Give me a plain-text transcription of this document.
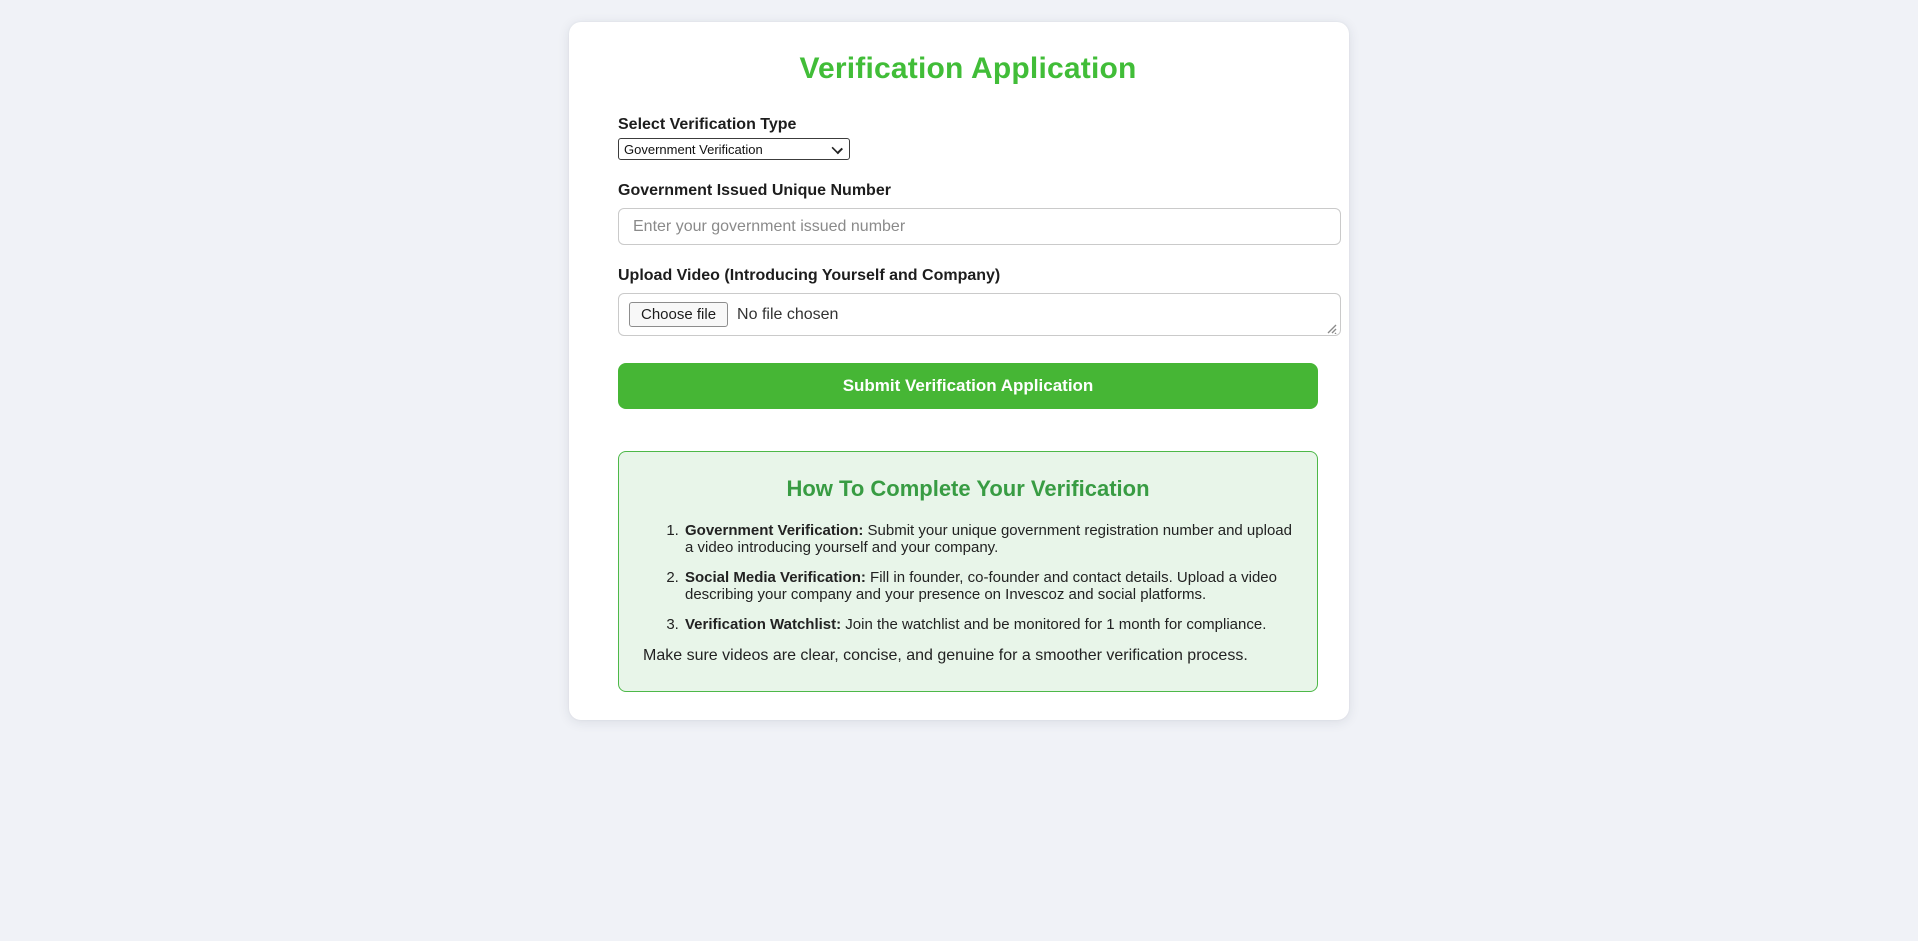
Verification Application
Select Verification Type
Government Verification
Government Issued Unique Number
Enter your government issued number
Upload Video (Introducing Yourself and Company)
Choose file	No file chosen
Submit Verification Application
How To Complete Your Verification
1. Government Verification: Submit your unique government registration number and upload a video introducing yourself and your company.
2. Social Media Verification: Fill in founder, co-founder and contact details. Upload a video describing your company and your presence on Invescoz and social platforms.
3. Verification Watchlist: Join the watchlist and be monitored for 1 month for compliance.

Make sure videos are clear, concise, and genuine for a smoother verification process.
